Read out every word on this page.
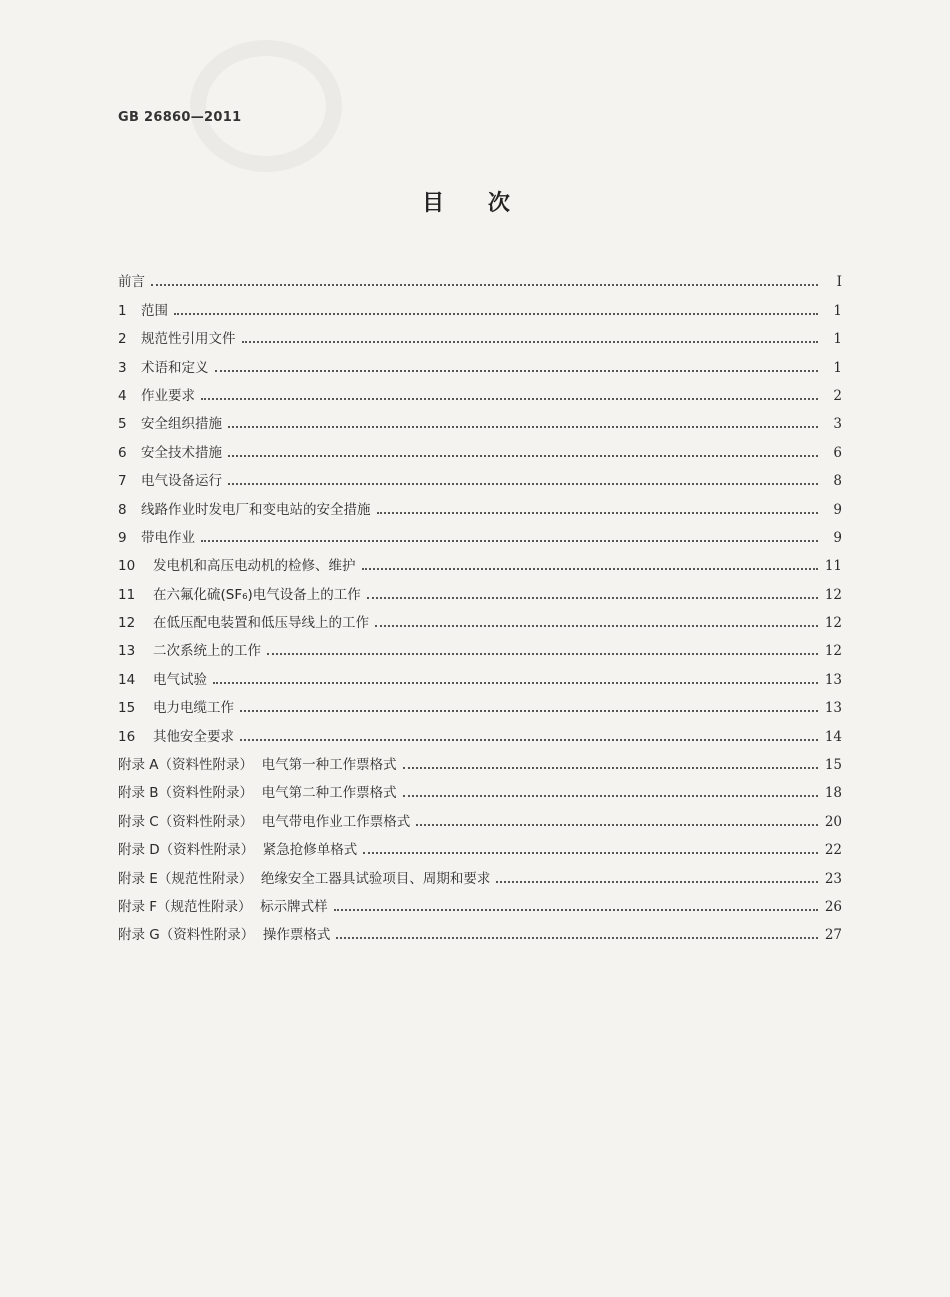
GB 26860—2011
目 次
前言	Ⅰ
1	范围	1
2	规范性引用文件	1
3	术语和定义	1
4	作业要求	2
5	安全组织措施	3
6	安全技术措施	6
7	电气设备运行	8
8	线路作业时发电厂和变电站的安全措施	9
9	带电作业	9
10	发电机和高压电动机的检修、维护	11
11	在六氟化硫(SF₆)电气设备上的工作	12
12	在低压配电装置和低压导线上的工作	12
13	二次系统上的工作	12
14	电气试验	13
15	电力电缆工作	13
16	其他安全要求	14
附录 A（资料性附录）  电气第一种工作票格式	15
附录 B（资料性附录）  电气第二种工作票格式	18
附录 C（资料性附录）  电气带电作业工作票格式	20
附录 D（资料性附录）  紧急抢修单格式	22
附录 E（规范性附录）  绝缘安全工器具试验项目、周期和要求	23
附录 F（规范性附录）  标示牌式样	26
附录 G（资料性附录）  操作票格式	27
